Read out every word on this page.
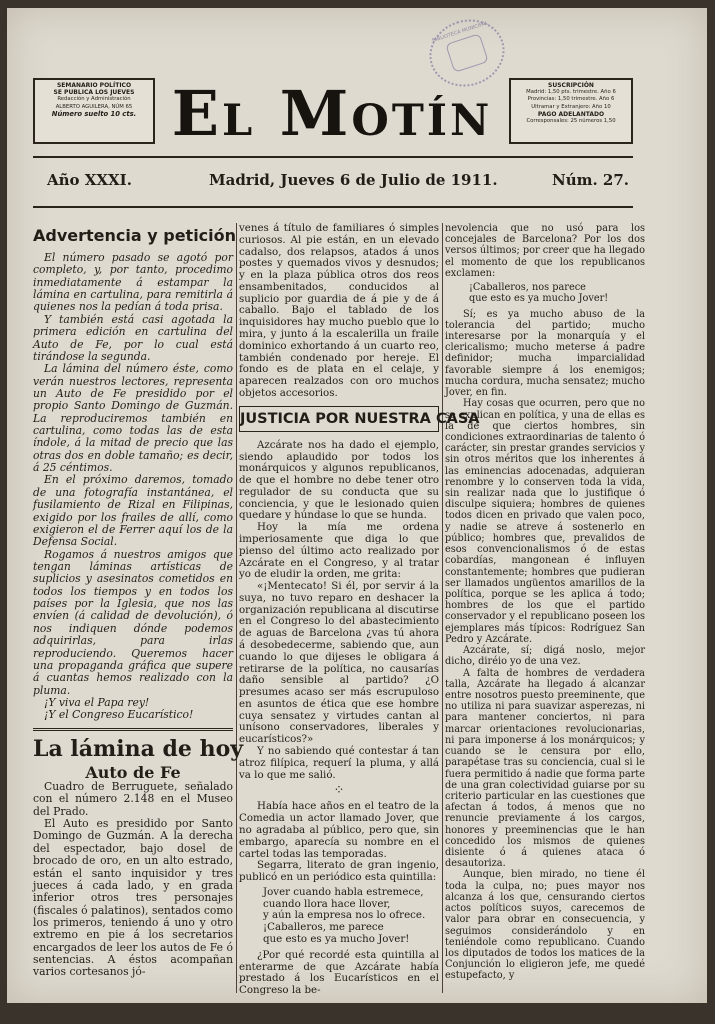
BIBLIOTECA MUNICIPAL
SEMANARIO POLÍTICO
SE PUBLICA LOS JUEVES
Redacción y Administración
ALBERTO AGUILERA, NÚM 65
Número suelto 10 cts. El Motín	SUSCRIPCIÓN
Madrid: 1,50 pts. trimestre. Año 6
Provincias: 1,50 trimestre. Año 6
Ultramar y Extranjero: Año 10
PAGO ADELANTADO
Corresponsales: 25 números 1,50
Año XXXI.	Madrid, Jueves 6 de Julio de 1911.	Núm. 27.
Advertencia y petición

El número pasado se agotó por completo, y, por tanto, procedimo inmediatamente á estampar la lámina en cartulina, para remitirla á quienes nos la pedían á toda prisa.

Y también está casi agotada la primera edición en cartulina del Auto de Fe, por lo cual está tirándose la segunda.

La lámina del número éste, como verán nuestros lectores, representa un Auto de Fe presidido por el propio Santo Domingo de Guzmán. La reproduciremos también en cartulina, como todas las de esta índole, á la mitad de precio que las otras dos en doble tamaño; es decir, á 25 céntimos.

En el próximo daremos, tomado de una fotografía instantánea, el fusilamiento de Rizal en Filipinas, exigido por los frailes de allí, como exigieron el de Ferrer aquí los de la Defensa Social.

Rogamos á nuestros amigos que tengan láminas artísticas de suplicios y asesinatos cometidos en todos los tiempos y en todos los países por la Iglesia, que nos las envíen (á calidad de devolución), ó nos indiquen dónde podemos adquirirlas, para irlas reproduciendo. Queremos hacer una propaganda gráfica que supere á cuantas hemos realizado con la pluma.

¡Y viva el Papa rey!

¡Y el Congreso Eucarístico!

La lámina de hoy
Auto de Fe

Cuadro de Berruguete, señalado con el número 2.148 en el Museo del Prado.

El Auto es presidido por Santo Domingo de Guzmán. A la derecha del espectador, bajo dosel de brocado de oro, en un alto estrado, están el santo inquisidor y tres jueces á cada lado, y en grada inferior otros tres personajes (fiscales ó palatinos), sentados como los primeros, teniendo á uno y otro extremo en pie á los secretarios encargados de leer los autos de Fe ó sentencias. A éstos acompañan varios cortesanos jó-

venes á título de familiares ó simples curiosos. Al pie están, en un elevado cadalso, dos relapsos, atados á unos postes y quemados vivos y desnudos; y en la plaza pública otros dos reos ensambenitados, conducidos al suplicio por guardia de á pie y de á caballo. Bajo el tablado de los inquisidores hay mucho pueblo que lo mira, y junto á la escalerilla un fraile dominico exhortando á un cuarto reo, también condenado por hereje. El fondo es de plata en el celaje, y aparecen realzados con oro muchos objetos accesorios.

JUSTICIA POR NUESTRA CASA

Azcárate nos ha dado el ejemplo, siendo aplaudido por todos los monárquicos y algunos republicanos, de que el hombre no debe tener otro regulador de su conducta que su conciencia, y que le lesionado quien quedare y húndase lo que se hunda.

Hoy la mía me ordena imperiosamente que diga lo que pienso del último acto realizado por Azcárate en el Congreso, y al tratar yo de eludir la orden, me grita:

«¡Mentecato! Si él, por servir á la suya, no tuvo reparo en deshacer la organización republicana al discutirse en el Congreso lo del abastecimiento de aguas de Barcelona ¿vas tú ahora á desobedecerme, sabiendo que, aun cuando lo que dijeses le obligara á retirarse de la política, no causarías daño sensible al partido? ¿O presumes acaso ser más escrupuloso en asuntos de ética que ese hombre cuya sensatez y virtudes cantan al unísono conservadores, liberales y eucarísticos?»

Y no sabiendo qué contestar á tan atroz filípica, requerí la pluma, y allá va lo que me salió.

⁘

Había hace años en el teatro de la Comedia un actor llamado Jover, que no agradaba al público, pero que, sin embargo, aparecía su nombre en el cartel todas las temporadas.

Segarra, literato de gran ingenio, publicó en un periódico esta quintilla:

Jover cuando habla estremece,
cuando llora hace llover,
y aún la empresa nos lo ofrece.
¡Caballeros, me parece
que esto es ya mucho Jover!

¿Por qué recordé esta quintilla al enterarme de que Azcárate había prestado á los Eucarísticos en el Congreso la be-

nevolencia que no usó para los concejales de Barcelona? Por los dos versos últimos; por creer que ha llegado el momento de que los republicanos exclamen:

¡Caballeros, nos parece
que esto es ya mucho Jover!

Sí; es ya mucho abuso de la tolerancia del partido; mucho interesarse por la monarquía y el clericalismo; mucho meterse á padre definidor; mucha imparcialidad favorable siempre á los enemigos; mucha cordura, mucha sensatez; mucho Jover, en fin.

Hay cosas que ocurren, pero que no se explican en política, y una de ellas es la de que ciertos hombres, sin condiciones extraordinarias de talento ó carácter, sin prestar grandes servicios y sin otros méritos que los inherentes á las eminencias adocenadas, adquieran renombre y lo conserven toda la vida, sin realizar nada que lo justifique ó disculpe siquiera; hombres de quienes todos dicen en privado que valen poco, y nadie se atreve á sostenerlo en público; hombres que, prevalidos de esos convencionalismos ó de estas cobardías, mangonean é influyen constantemente; hombres que pudieran ser llamados ungüentos amarillos de la política, porque se les aplica á todo; hombres de los que el partido conservador y el republicano poseen los ejemplares más típicos: Rodríguez San Pedro y Azcárate.

Azcárate, sí; digá noslo, mejor dicho, diréio yo de una vez.

A falta de hombres de verdadera talla, Azcárate ha llegado á alcanzar entre nosotros puesto preeminente, que no utiliza ni para suavizar asperezas, ni para mantener conciertos, ni para marcar orientaciones revolucionarias, ni para imponerse á los monárquicos; y cuando se le censura por ello, parapétase tras su conciencia, cual si le fuera permitido á nadie que forma parte de una gran colectividad guiarse por su criterio particular en las cuestiones que afectan á todos, á menos que no renuncie previamente á los cargos, honores y preeminencias que le han concedido los mismos de quienes disiente ó á quienes ataca ó desautoriza.

Aunque, bien mirado, no tiene él toda la culpa, no; pues mayor nos alcanza á los que, censurando ciertos actos políticos suyos, carecemos de valor para obrar en consecuencia, y seguimos considerándolo y en teniéndole como republicano. Cuando los diputados de todos los matices de la Conjunción lo eligieron jefe, me quedé estupefacto, y
